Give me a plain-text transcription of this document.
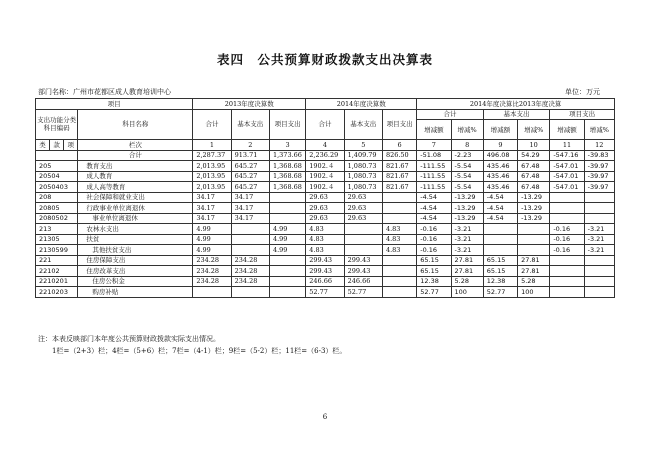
表四　公共预算财政拨款支出决算表
部门名称：广州市花都区成人教育培训中心	单位：万元
项目				2013年度决算数			2014年度决算数			2014年度决算比2013年度决算					
支出功能分类科目编码			科目名称	合计	基本支出	项目支出	合计	基本支出	项目支出	合计		基本支出		项目支出	
										增减额	增减%	增减额	增减%	增减额	增减%
类	款	项	栏次	1	2	3	4	5	6	7	8	9	10	11	12
			合计	2,287.37	913.71	1,373.66	2,236.29	1,409.79	826.50	-51.08	-2.23	496.08	54.29	-547.16	-39.83
205			教育支出	2,013.95	645.27	1,368.68	1902.４	1,080.73	821.67	-111.55	-5.54	435.46	67.48	-547.01	-39.97
20504			成人教育	2,013.95	645.27	1,368.68	1902.４	1,080.73	821.67	-111.55	-5.54	435.46	67.48	-547.01	-39.97
2050403			成人高等教育	2,013.95	645.27	1,368.68	1902.４	1,080.73	821.67	-111.55	-5.54	435.46	67.48	-547.01	-39.97
208			社会保障和就业支出	34.17	34.17		29.63	29.63		-4.54	-13.29	-4.54	-13.29		
20805			行政事业单位离退休	34.17	34.17		29.63	29.63		-4.54	-13.29	-4.54	-13.29		
2080502			事业单位离退休	34.17	34.17		29.63	29.63		-4.54	-13.29	-4.54	-13.29		
213			农林水支出	4.99		4.99	4.83		4.83	-0.16	-3.21			-0.16	-3.21
21305			扶贫	4.99		4.99	4.83		4.83	-0.16	-3.21			-0.16	-3.21
2130599			其他扶贫支出	4.99		4.99	4.83		4.83	-0.16	-3.21			-0.16	-3.21
221			住房保障支出	234.28	234.28		299.43	299.43		65.15	27.81	65.15	27.81		
22102			住房改革支出	234.28	234.28		299.43	299.43		65.15	27.81	65.15	27.81		
2210201			住房公积金	234.28	234.28		246.66	246.66		12.38	5.28	12.38	5.28		
2210203			购房补贴				52.77	52.77		52.77	100	52.77	100		
注：本表反映部门本年度公共预算财政拨款实际支出情况。
1栏=（2+3）栏；4栏=（5+6）栏；7栏=（4-1）栏；9栏=（5-2）栏；11栏=（6-3）栏。
6
